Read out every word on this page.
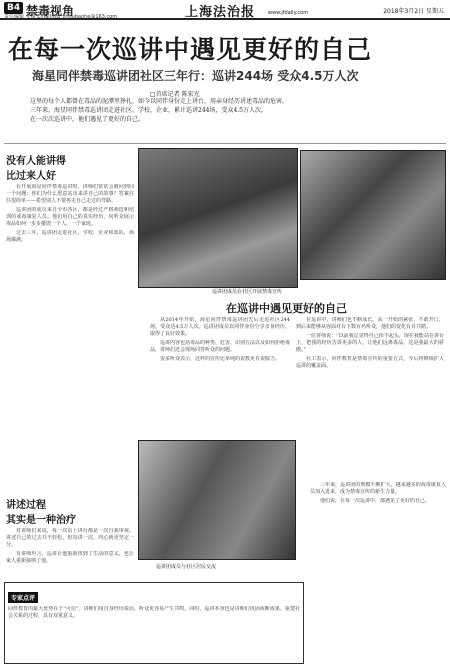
B4 禁毒视角
责任编辑 张薇 Email:fzb_zhoubaohe@163.com	上海法治报	www.jfdaily.com	2018年3月2日 星期五
在每一次巡讲中遇见更好的自己
海星同伴禁毒巡讲团社区三年行：巡讲244场 受众4.5万人次
□首席记者 陈宏光

这里的每个人都曾在毒品的泥潭里挣扎，如今以同伴身份走上讲台，用亲身经历讲述毒品的危害。

三年来，海星同伴禁毒巡讲团走进社区、学校、企业，累计巡讲244场，受众4.5万人次。

在一次次巡讲中，他们遇见了更好的自己。

没有人能讲得
比过来人好

在开展海星同伴禁毒巡讲时，讲师们常常会被问到同一个问题：你们为什么愿意站出来讲自己的故事？答案往往很简单——希望别人不要再走自己走过的弯路。

巡讲团的成员来自全市各区，都是经过严格筛选和培训的戒毒康复人员。他们用自己的真实经历，向听众展示毒品如何一步步摧毁一个人、一个家庭。

过去三年，巡讲团走进社区、学校、企业和部队，场场爆满。

巡讲团成员在社区开展禁毒宣传
在巡讲中遇见更好的自己

从2014年开始，海星同伴禁毒巡讲团先后走进社区244场，受众达4.5万人次。巡讲团成员以同伴身份分享亲身经历，取得了良好效果。

巡讲内容包括毒品的种类、危害、识别方法以及如何拒绝毒品，讲师们还会现场回答听众的问题。

很多听众表示，这样的宣传比单纯的说教更有说服力。

在巡讲中，讲师们也不断成长。从一开始的紧张、不敢开口，到后来能够从容面对台下数百名听众，他们的变化有目共睹。

一位讲师说：“以前我总觉得自己抬不起头，现在我能站在讲台上，把我的经历告诉更多的人，让他们远离毒品，这是我最大的骄傲。”

社工表示，同伴教育是禁毒宣传的重要方式，今后将继续扩大巡讲的覆盖面。

讲述过程
其实是一种治疗

对讲师们来说，每一次站上讲台都是一次自我审视。讲述自己的过去并不轻松，但每讲一次，内心就更坚定一分。

有讲师坦言，巡讲让他重新找到了生活的意义，也让家人重新接纳了他。

巡讲团成员与社区居民交流
专家点评

同伴教育的最大优势在于“可信”。讲师们用自身经历说话，听众更容易产生共鸣。同时，巡讲本身也是讲师们巩固戒断成果、重建社会关系的过程，具有双重意义。

三年来，巡讲团的规模不断扩大，越来越多的戒毒康复人员加入进来，成为禁毒宣传的新生力量。

他们说，在每一次巡讲中，都遇见了更好的自己。
